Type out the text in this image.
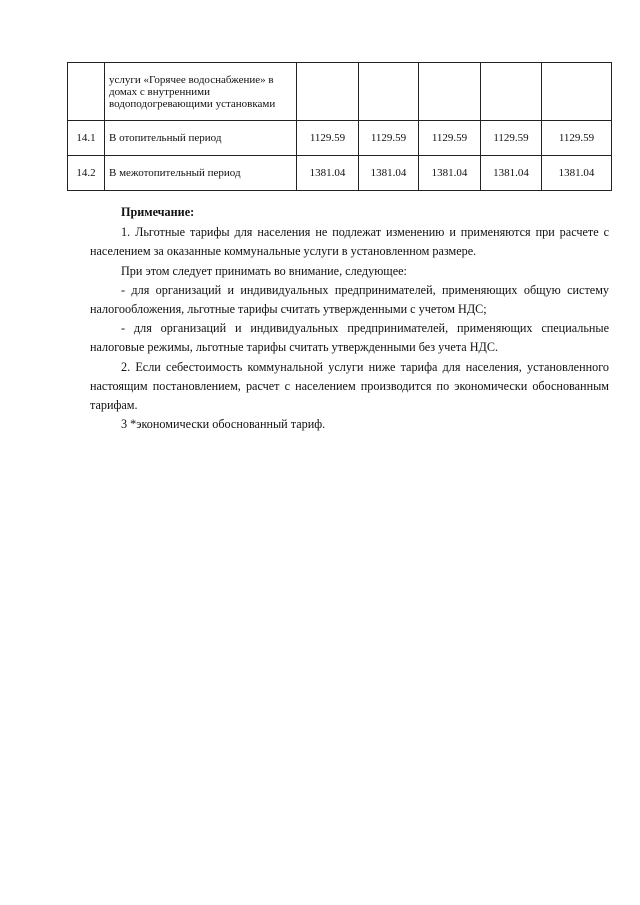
	услуги «Горячее водоснабжение» в домах с внутренними водоподогревающими установками					
14.1	В отопительный период	1129.59	1129.59	1129.59	1129.59	1129.59
14.2	В межотопительный период	1381.04	1381.04	1381.04	1381.04	1381.04

Примечание:

1. Льготные тарифы для населения не подлежат изменению и применяются при расчете с населением за оказанные коммунальные услуги в установленном размере.

При этом следует принимать во внимание, следующее:

- для организаций и индивидуальных предпринимателей, применяющих общую систему налогообложения, льготные тарифы считать утвержденными с учетом НДС;

- для организаций и индивидуальных предпринимателей, применяющих специальные налоговые режимы, льготные тарифы считать утвержденными без учета НДС.

2. Если себестоимость коммунальной услуги ниже тарифа для населения, установленного настоящим постановлением, расчет с населением производится по экономически обоснованным тарифам.

3 *экономически обоснованный тариф.
